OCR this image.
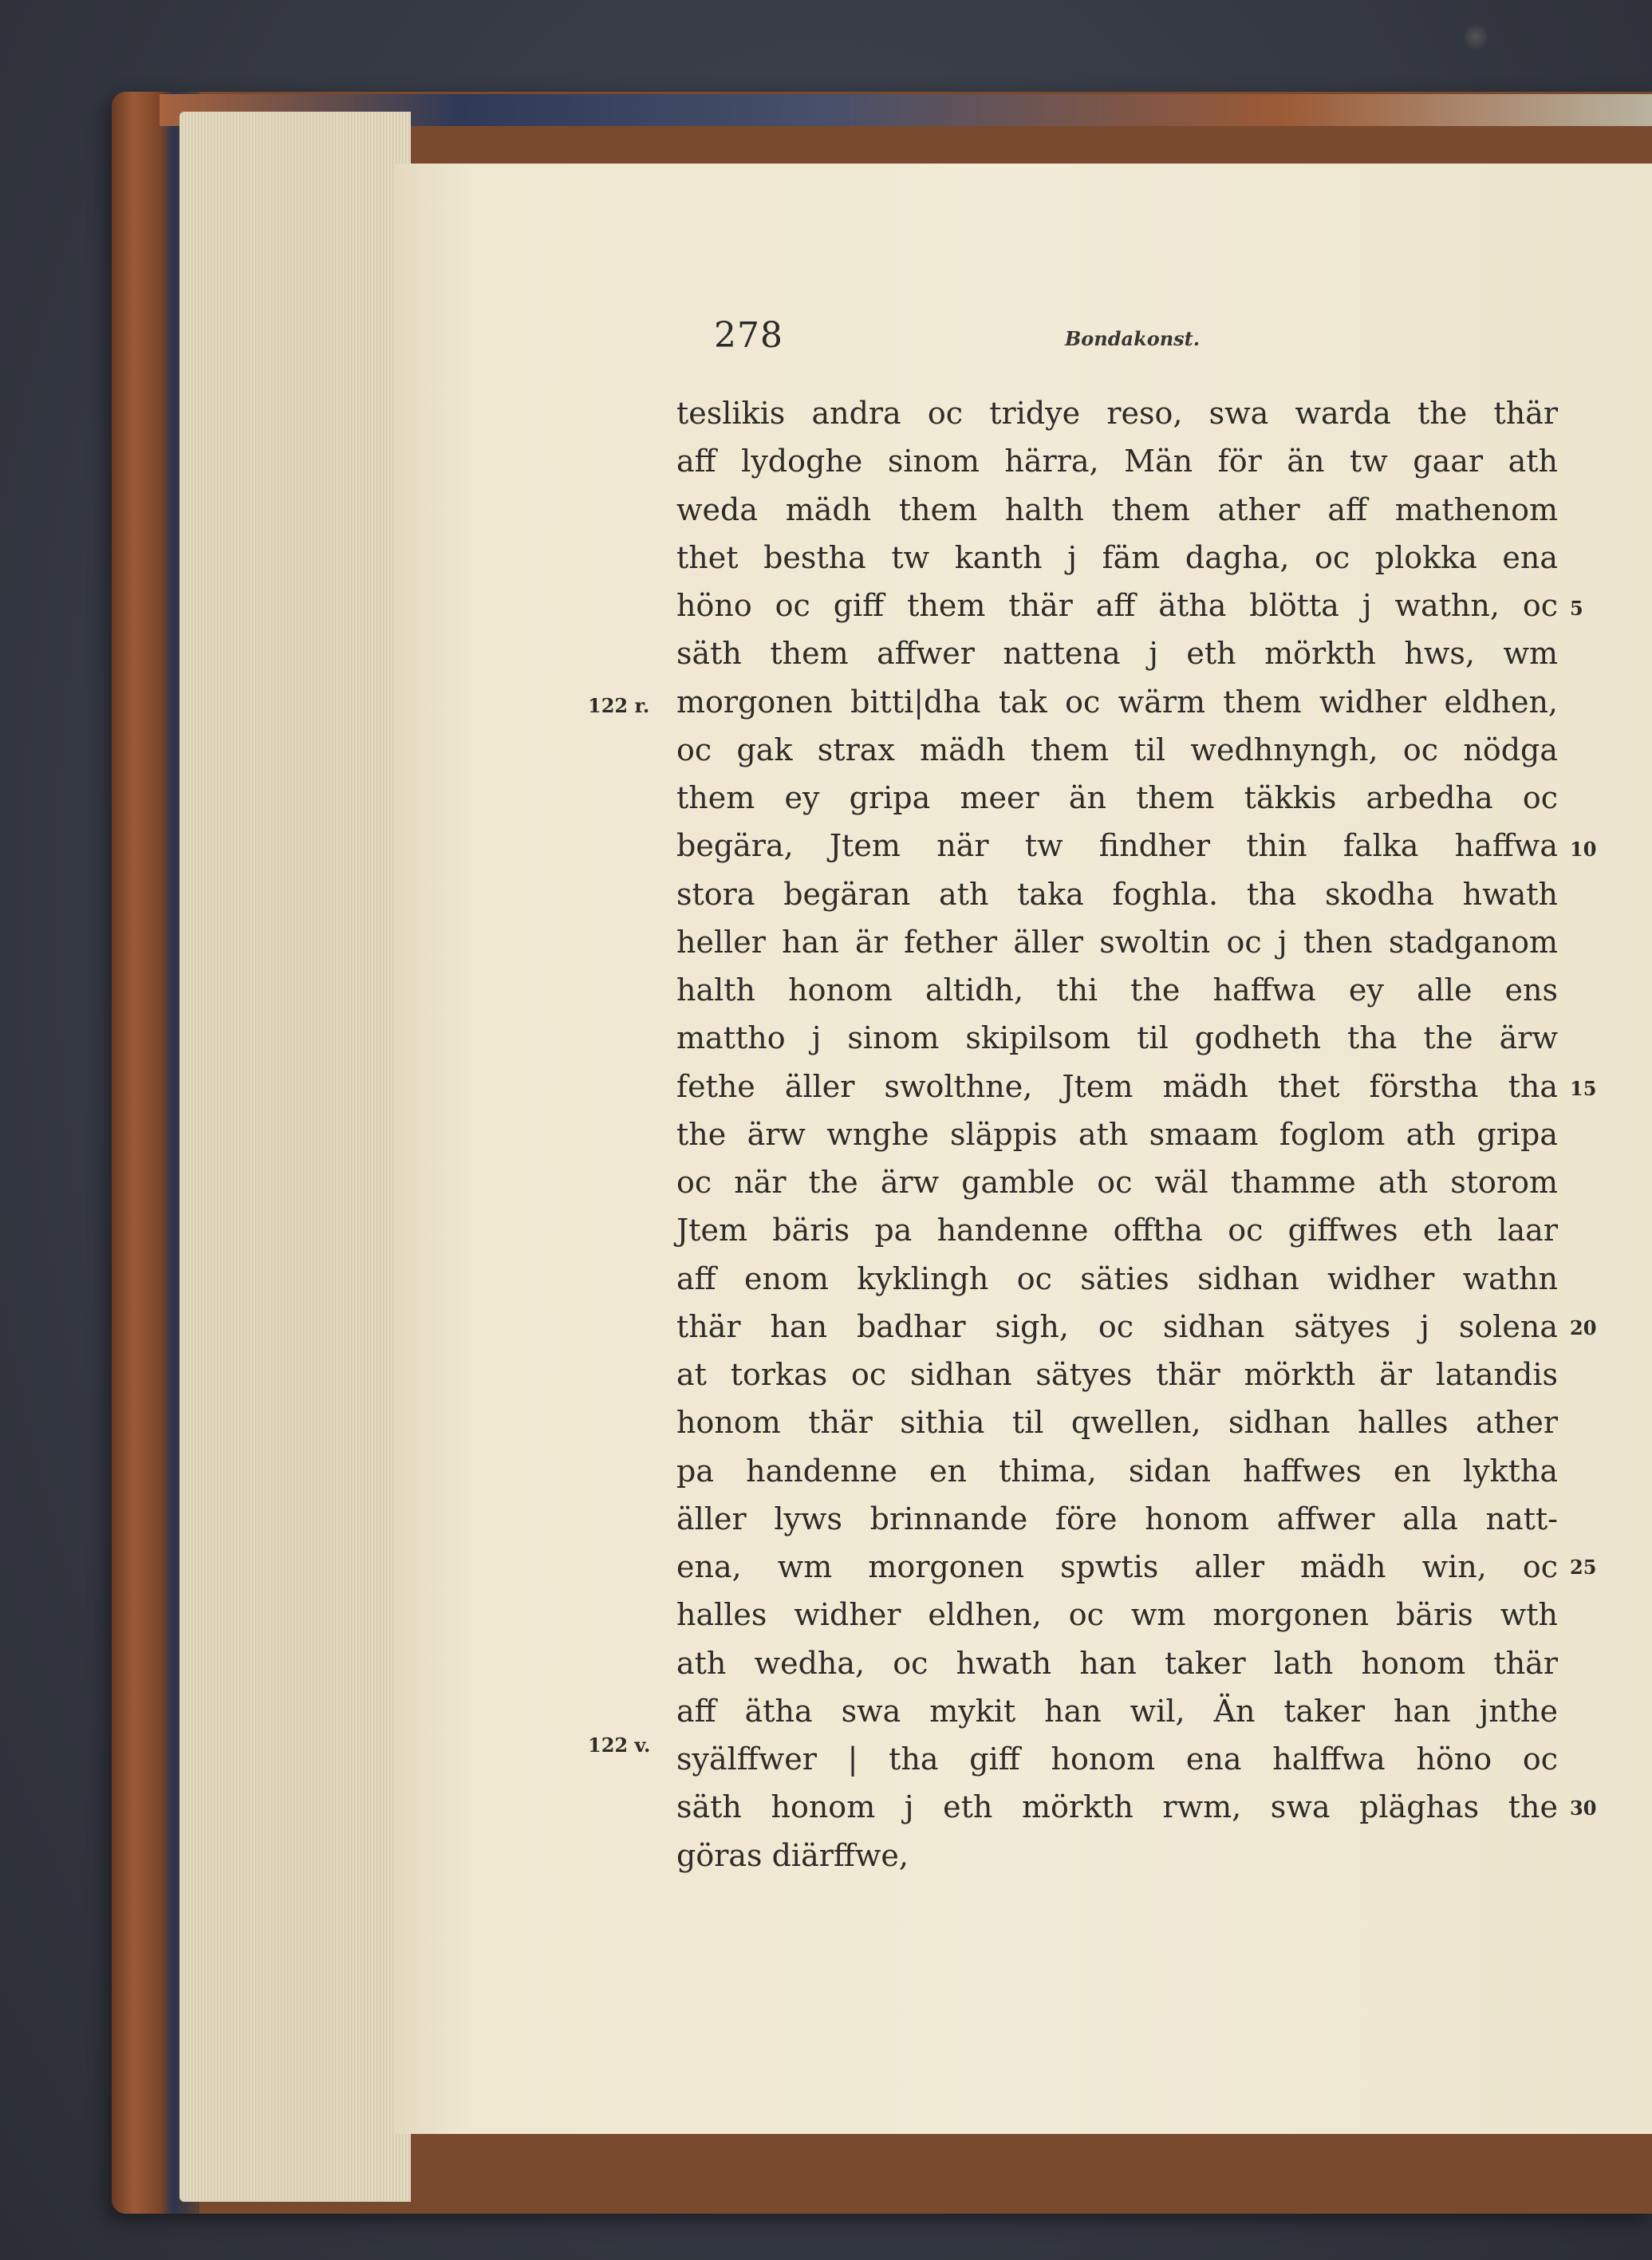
278	Bondakonst.
teslikis andra oc tridye reso, swa warda the thär
aff lydoghe sinom härra, Män för än tw gaar ath
weda mädh them halth them ather aff mathenom
thet bestha tw kanth j fäm dagha, oc plokka ena
höno oc giff them thär aff ätha blötta j wathn, oc
säth them affwer nattena j eth mörkth hws, wm
morgonen bitti|dha tak oc wärm them widher eldhen,
oc gak strax mädh them til wedhnyngh, oc nödga
them ey gripa meer än them täkkis arbedha oc
begära, Jtem när tw findher thin falka haffwa
stora begäran ath taka foghla. tha skodha hwath
heller han är fether äller swoltin oc j then stadganom
halth honom altidh, thi the haffwa ey alle ens
mattho j sinom skipilsom til godheth tha the ärw
fethe äller swolthne, Jtem mädh thet förstha tha
the ärw wnghe släppis ath smaam foglom ath gripa
oc när the ärw gamble oc wäl thamme ath storom
Jtem bäris pa handenne offtha oc giffwes eth laar
aff enom kyklingh oc säties sidhan widher wathn
thär han badhar sigh, oc sidhan sätyes j solena
at torkas oc sidhan sätyes thär mörkth är latandis
honom thär sithia til qwellen, sidhan halles ather
pa handenne en thima, sidan haffwes en lyktha
äller lyws brinnande före honom affwer alla natt-
ena, wm morgonen spwtis aller mädh win, oc
halles widher eldhen, oc wm morgonen bäris wth
ath wedha, oc hwath han taker lath honom thär
aff ätha swa mykit han wil, Än taker han jnthe
syälffwer | tha giff honom ena halffwa höno oc
säth honom j eth mörkth rwm, swa pläghas the
göras diärffwe,
5
10
15
20
25
30
122 r.
122 v.
